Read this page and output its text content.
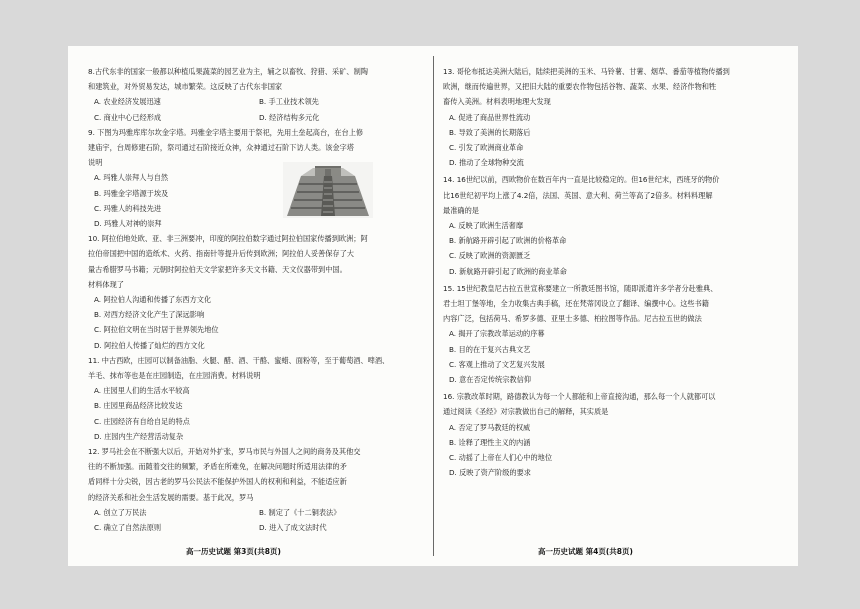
8.古代东非的国家一般都以种植瓜果蔬菜的园艺业为主，辅之以畜牧、狩猎、采矿、制陶

和建筑业，对外贸易发达，城市繁荣。这反映了古代东非国家

A. 农业经济发展迅速	B. 手工业技术领先
C. 商业中心已经形成	D. 经济结构多元化

9. 下图为玛雅库库尔坎金字塔。玛雅金字塔主要用于祭祀，先用土垒起高台，在台上修

建庙宇，台周修建石阶，祭司通过石阶接近众神，众神通过石阶下访人类。该金字塔

说明

A. 玛雅人崇拜人与自然

B. 玛雅金字塔源于埃及

C. 玛雅人的科技先进

D. 玛雅人对神的崇拜

10. 阿拉伯地处欧、亚、非三洲要冲，印度的阿拉伯数字通过阿拉伯国家传播到欧洲；阿

拉伯帝国把中国的造纸术、火药、指南针等提升后传到欧洲；阿拉伯人妥善保存了大

量古希腊罗马书籍；元朝时阿拉伯天文学家把许多天文书籍、天文仪器带到中国。

材料体现了

A. 阿拉伯人沟通和传播了东西方文化

B. 对西方经济文化产生了深远影响

C. 阿拉伯文明在当时居于世界领先地位

D. 阿拉伯人传播了灿烂的西方文化

11. 中古西欧，庄园可以制备油脂、火腿、醋、酒、干酪、蜜蜡、面粉等，至于葡萄酒、啤酒、

羊毛、抹布等也是在庄园制造，在庄园消费。材料说明

A. 庄园里人们的生活水平较高

B. 庄园里商品经济比较发达

C. 庄园经济有自给自足的特点

D. 庄园内生产经营活动复杂

12. 罗马社会在不断强大以后，开始对外扩张，罗马市民与外国人之间的商务及其他交

往的不断加强。而随着交往的频繁，矛盾在所难免，在解决问题时所适用法律的矛

盾同样十分尖锐，因古老的罗马公民法不能保护外国人的权利和利益，不能适应新

的经济关系和社会生活发展的需要。基于此况，罗马

A. 创立了万民法	B. 制定了《十二铜表法》
C. 确立了自然法原则	D. 进入了成文法时代

13. 哥伦布抵达美洲大陆后，陆续把美洲的玉米、马铃薯、甘薯、烟草、番茄等植物传播到

欧洲，继而传遍世界，又把旧大陆的重要农作物包括谷物、蔬菜、水果、经济作物和牲

畜传入美洲。材料表明地理大发现

A. 促进了商品世界性流动

B. 导致了美洲的长期落后

C. 引发了欧洲商业革命

D. 推动了全球物种交流

14. 16世纪以前，西欧物价在数百年内一直是比较稳定的。但16世纪末，西班牙的物价

比16世纪初平均上涨了4.2倍，法国、英国、意大利、荷兰等高了2倍多。材料料理解

最准确的是

A. 反映了欧洲生活奢靡

B. 新航路开辟引起了欧洲的价格革命

C. 反映了欧洲的资源匮乏

D. 新航路开辟引起了欧洲的商业革命

15. 15世纪教皇尼古拉五世宣称要建立一所教廷图书馆，随即派遣许多学者分赴雅典、

君士坦丁堡等地，全力收集古典手稿，还在梵蒂冈设立了翻译、编撰中心。这些书籍

内容广泛，包括荷马、希罗多德、亚里士多德、柏拉图等作品。尼古拉五世的做法

A. 揭开了宗教改革运动的序幕

B. 目的在于复兴古典文艺

C. 客观上推动了文艺复兴发展

D. 意在否定传统宗教信仰

16. 宗教改革时期，路德教认为每一个人都能和上帝直接沟通，那么每一个人就都可以

通过阅读《圣经》对宗教做出自己的解释，其实质是

A. 否定了罗马教廷的权威

B. 诠释了理性主义的内涵

C. 动摇了上帝在人们心中的地位

D. 反映了资产阶级的要求

高一历史试题 第3页(共8页)	高一历史试题 第4页(共8页)
